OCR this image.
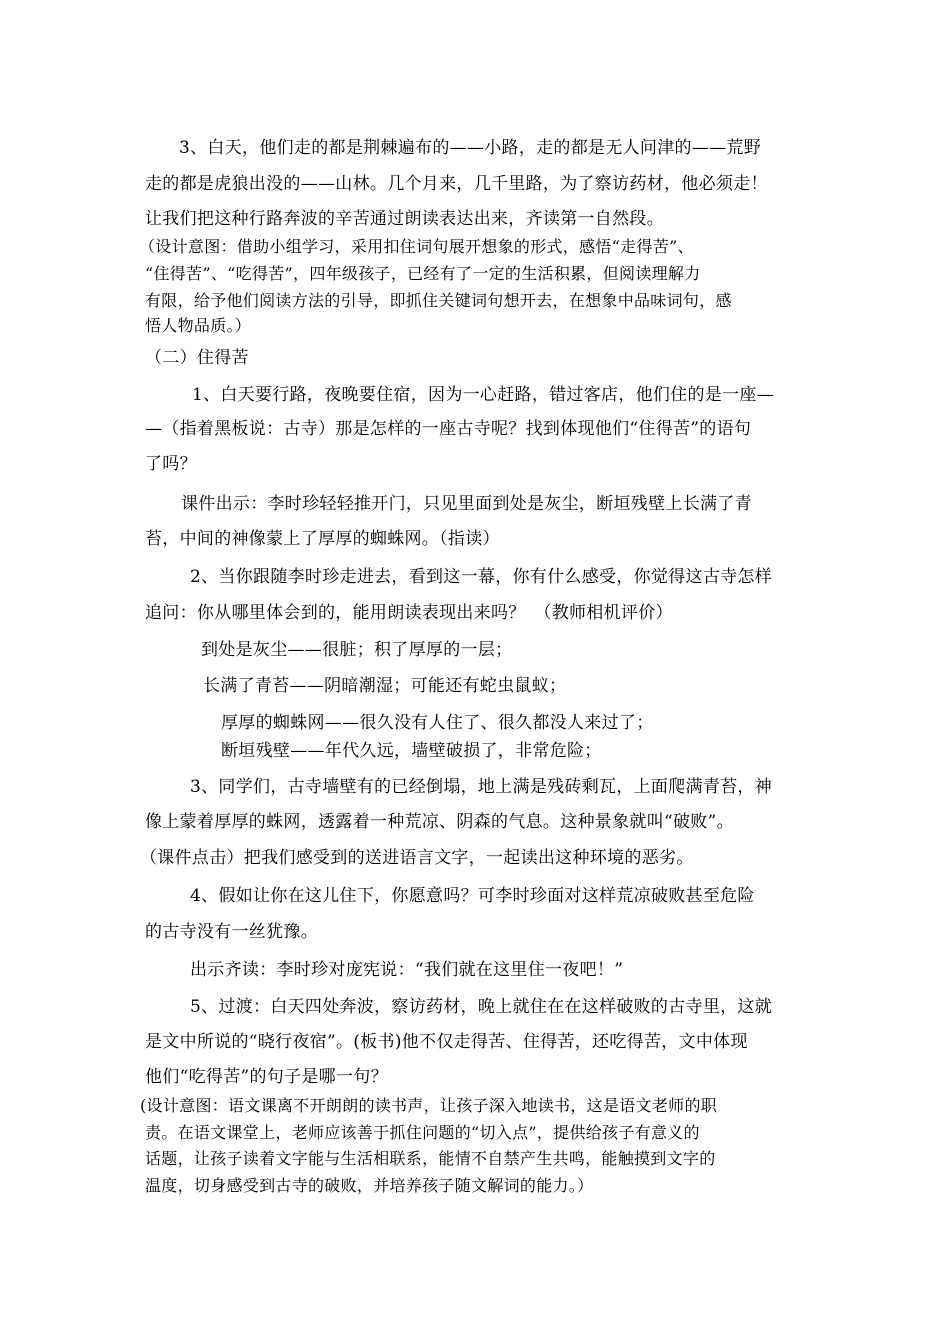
3、白天，他们走的都是荆棘遍布的——小路，走的都是无人问津的——荒野

走的都是虎狼出没的——山林。几个月来，几千里路，为了察访药材，他必须走！

让我们把这种行路奔波的辛苦通过朗读表达出来，齐读第一自然段。

（设计意图：借助小组学习，采用扣住词句展开想象的形式，感悟“走得苦”、

“住得苦”、“吃得苦”，四年级孩子，已经有了一定的生活积累，但阅读理解力

有限，给予他们阅读方法的引导，即抓住关键词句想开去，在想象中品味词句，感

悟人物品质。）

（二）住得苦

1、白天要行路，夜晚要住宿，因为一心赶路，错过客店，他们住的是一座—

—（指着黑板说：古寺）那是怎样的一座古寺呢？找到体现他们“住得苦”的语句

了吗？

课件出示：李时珍轻轻推开门，只见里面到处是灰尘，断垣残壁上长满了青

苔，中间的神像蒙上了厚厚的蜘蛛网。（指读）

2、当你跟随李时珍走进去，看到这一幕，你有什么感受，你觉得这古寺怎样

追问：你从哪里体会到的，能用朗读表现出来吗？　（教师相机评价）

到处是灰尘——很脏；积了厚厚的一层；

长满了青苔——阴暗潮湿；可能还有蛇虫鼠蚁；

厚厚的蜘蛛网——很久没有人住了、很久都没人来过了；

断垣残壁——年代久远，墙壁破损了，非常危险；

3、同学们，古寺墙壁有的已经倒塌，地上满是残砖剩瓦，上面爬满青苔，神

像上蒙着厚厚的蛛网，透露着一种荒凉、阴森的气息。这种景象就叫“破败”。

（课件点击）把我们感受到的送进语言文字，一起读出这种环境的恶劣。

4、假如让你在这儿住下，你愿意吗？可李时珍面对这样荒凉破败甚至危险

的古寺没有一丝犹豫。

出示齐读：李时珍对庞宪说：“我们就在这里住一夜吧！”

5、过渡：白天四处奔波，察访药材，晚上就住在在这样破败的古寺里，这就

是文中所说的“晓行夜宿”。(板书)他不仅走得苦、住得苦，还吃得苦，文中体现

他们“吃得苦”的句子是哪一句？

(设计意图：语文课离不开朗朗的读书声，让孩子深入地读书，这是语文老师的职

责。在语文课堂上，老师应该善于抓住问题的“切入点”，提供给孩子有意义的

话题，让孩子读着文字能与生活相联系，能情不自禁产生共鸣，能触摸到文字的

温度，切身感受到古寺的破败，并培养孩子随文解词的能力。）
